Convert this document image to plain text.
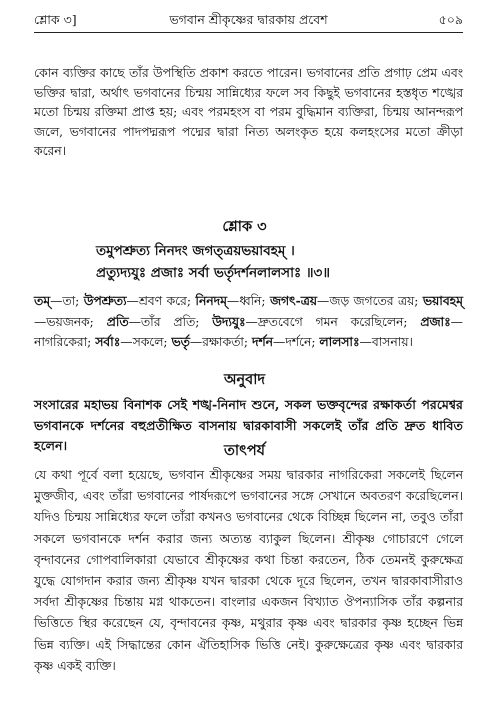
শ্লোক ৩]	ভগবান শ্রীকৃষ্ণের দ্বারকায় প্রবেশ	৫০৯
কোন ব্যক্তির কাছে তাঁর উপস্থিতি প্রকাশ করতে পারেন। ভগবানের প্রতি প্রগাঢ় প্রেম এবং ভক্তির দ্বারা, অর্থাৎ ভগবানের চিন্ময় সান্নিধ্যের ফলে সব কিছুই ভগবানের হস্তধৃত শঙ্খের মতো চিন্ময় রক্তিমা প্রাপ্ত হয়; এবং পরমহংস বা পরম বুদ্ধিমান ব্যক্তিরা, চিন্ময় আনন্দরূপ জলে, ভগবানের পাদপদ্মরূপ পদ্মের দ্বারা নিত্য অলংকৃত হয়ে কলহংসের মতো ক্রীড়া করেন।
শ্লোক ৩
তমুপশ্রুত্য নিনদং জগত্ত্রয়ভয়াবহম্ ।
প্রত্যুদ্যযুঃ প্রজাঃ সর্বা ভর্তৃদর্শনলালসাঃ ॥৩॥
তম্—তা; উপশ্রুত্য—শ্রবণ করে; নিনদম্—ধ্বনি; জগৎ-ত্রয়—জড় জগতের ত্রয়; ভয়াবহম্—ভয়জনক; প্রতি—তাঁর প্রতি; উদ্যযুঃ—দ্রুতবেগে গমন করেছিলেন; প্রজাঃ—নাগরিকেরা; সর্বাঃ—সকলে; ভর্তৃ—রক্ষাকর্তা; দর্শন—দর্শনে; লালসাঃ—বাসনায়।
অনুবাদ
সংসারের মহাভয় বিনাশক সেই শঙ্খ-নিনাদ শুনে, সকল ভক্তবৃন্দের রক্ষাকর্তা পরমেশ্বর ভগবানকে দর্শনের বহুপ্রতীক্ষিত বাসনায় দ্বারকাবাসী সকলেই তাঁর প্রতি দ্রুত ধাবিত হলেন।	তাৎপর্য

যে কথা পূর্বে বলা হয়েছে, ভগবান শ্রীকৃষ্ণের সময় দ্বারকার নাগরিকেরা সকলেই ছিলেন মুক্তজীব, এবং তাঁরা ভগবানের পার্ষদরূপে ভগবানের সঙ্গে সেখানে অবতরণ করেছিলেন। যদিও চিন্ময় সান্নিধ্যের ফলে তাঁরা কখনও ভগবানের থেকে বিচ্ছিন্ন ছিলেন না, তবুও তাঁরা সকলে ভগবানকে দর্শন করার জন্য অত্যন্ত ব্যাকুল ছিলেন। শ্রীকৃষ্ণ গোচারণে গেলে বৃন্দাবনের গোপবালিকারা যেভাবে শ্রীকৃষ্ণের কথা চিন্তা করতেন, ঠিক তেমনই কুরুক্ষেত্র যুদ্ধে যোগদান করার জন্য শ্রীকৃষ্ণ যখন দ্বারকা থেকে দূরে ছিলেন, তখন দ্বারকাবাসীরাও সর্বদা শ্রীকৃষ্ণের চিন্তায় মগ্ন থাকতেন। বাংলার একজন বিখ্যাত ঔপন্যাসিক তাঁর কল্পনার ভিত্তিতে স্থির করেছেন যে, বৃন্দাবনের কৃষ্ণ, মথুরার কৃষ্ণ এবং দ্বারকার কৃষ্ণ হচ্ছেন ভিন্ন ভিন্ন ব্যক্তি। এই সিদ্ধান্তের কোন ঐতিহাসিক ভিত্তি নেই। কুরুক্ষেত্রের কৃষ্ণ এবং দ্বারকার কৃষ্ণ একই ব্যক্তি।
